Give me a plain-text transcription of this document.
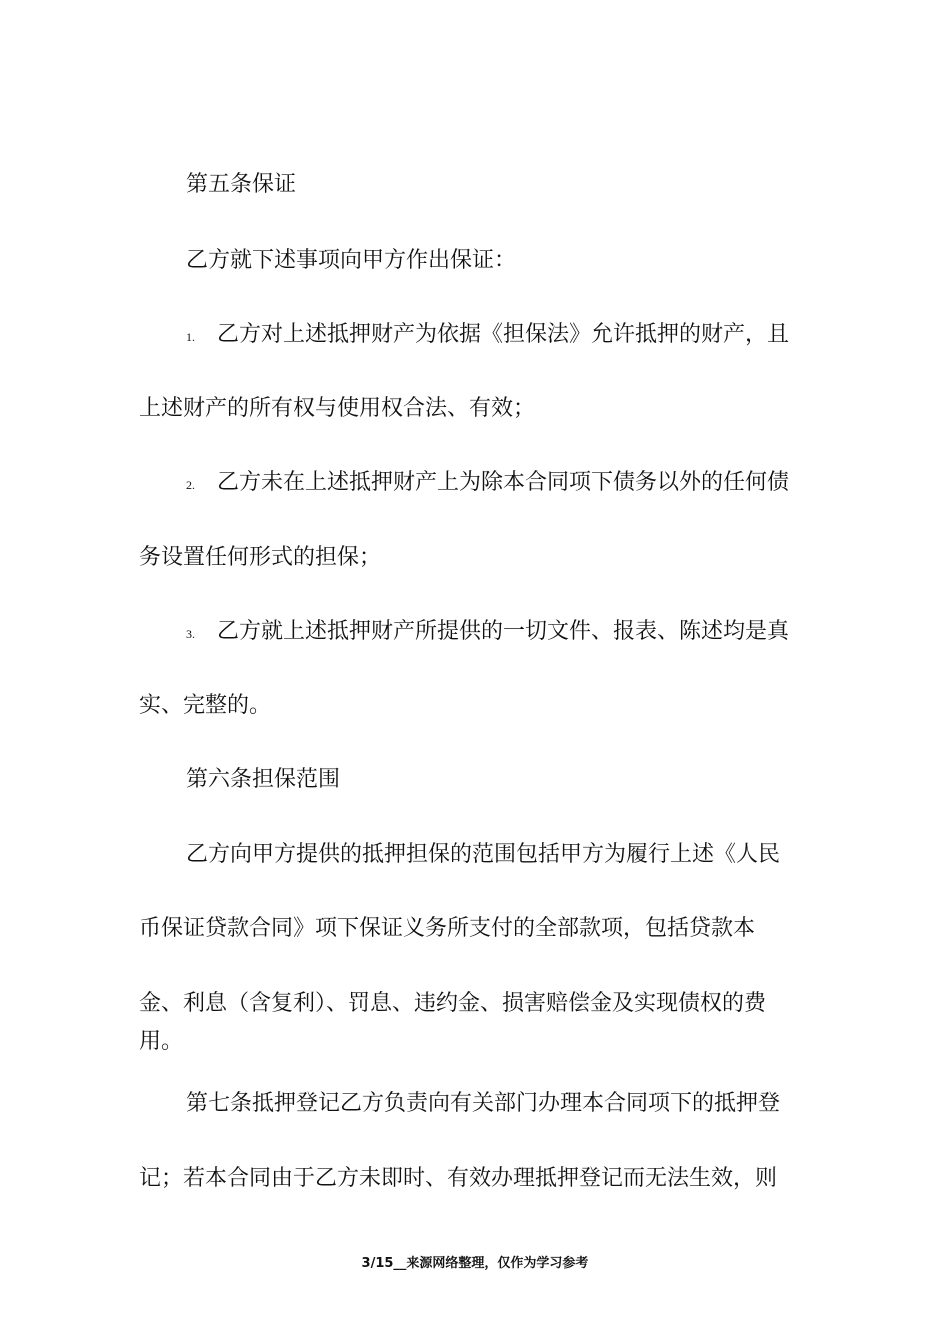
第五条保证
乙方就下述事项向甲方作出保证：
1. 乙方对上述抵押财产为依据《担保法》允许抵押的财产，且
上述财产的所有权与使用权合法、有效；
2. 乙方未在上述抵押财产上为除本合同项下债务以外的任何债
务设置任何形式的担保；
3. 乙方就上述抵押财产所提供的一切文件、报表、陈述均是真
实、完整的。
第六条担保范围
乙方向甲方提供的抵押担保的范围包括甲方为履行上述《人民
币保证贷款合同》项下保证义务所支付的全部款项，包括贷款本
金、利息（含复利）、罚息、违约金、损害赔偿金及实现债权的费
用。
第七条抵押登记乙方负责向有关部门办理本合同项下的抵押登
记；若本合同由于乙方未即时、有效办理抵押登记而无法生效，则
3/15__来源网络整理，仅作为学习参考
